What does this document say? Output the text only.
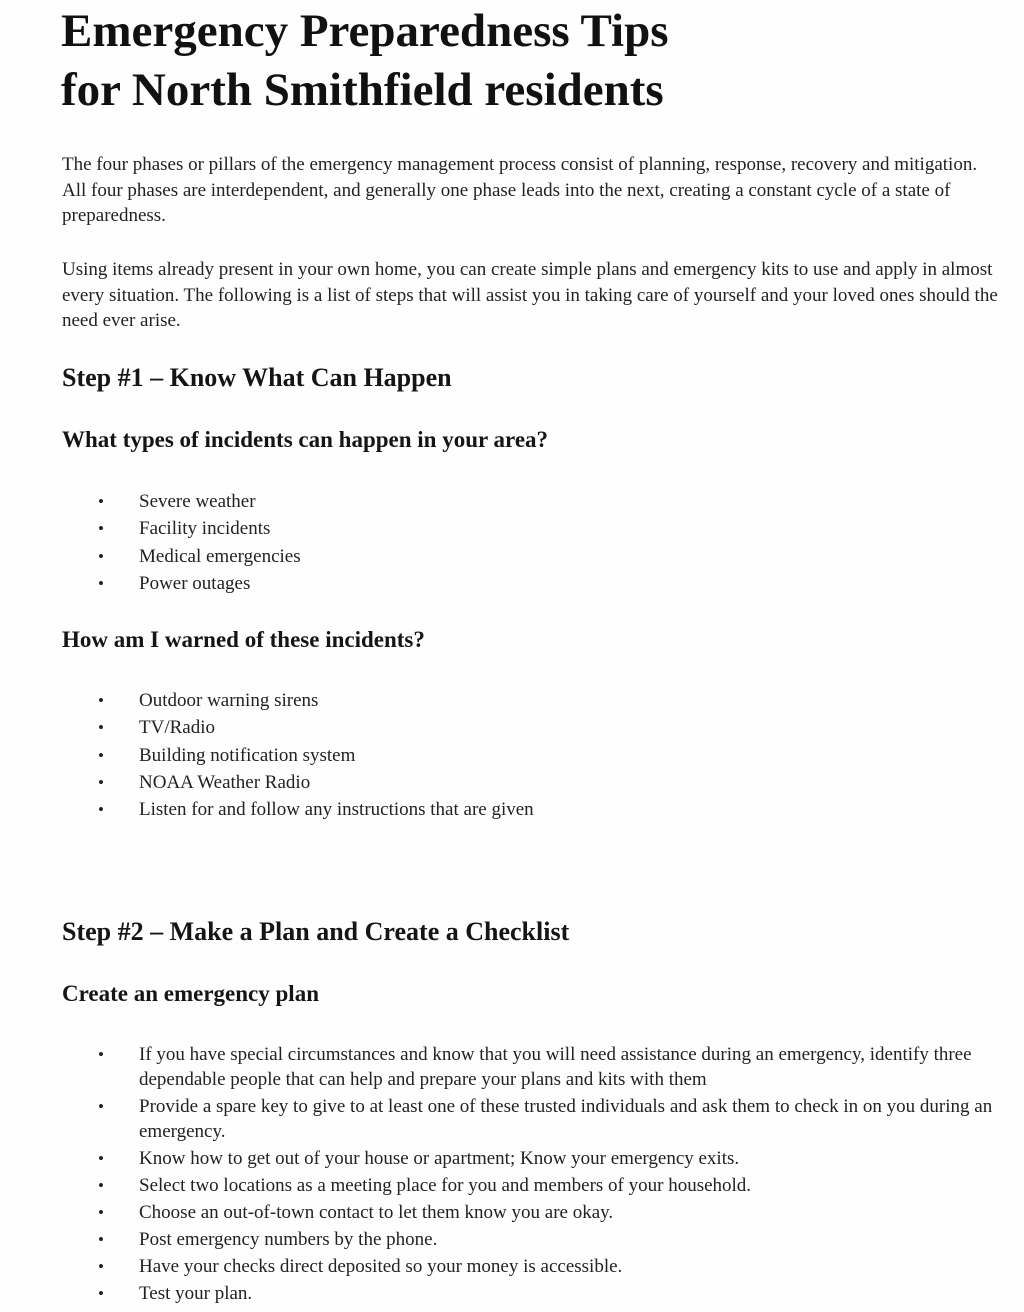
Emergency Preparedness Tips
for North Smithfield residents

The four phases or pillars of the emergency management process consist of planning, response, recovery and mitigation. All four phases are interdependent, and generally one phase leads into the next, creating a constant cycle of a state of preparedness.

Using items already present in your own home, you can create simple plans and emergency kits to use and apply in almost every situation. The following is a list of steps that will assist you in taking care of yourself and your loved ones should the need ever arise.

Step #1 – Know What Can Happen
What types of incidents can happen in your area?
• Severe weather
• Facility incidents
• Medical emergencies
• Power outages
How am I warned of these incidents?
• Outdoor warning sirens
• TV/Radio
• Building notification system
• NOAA Weather Radio
• Listen for and follow any instructions that are given
Step #2 – Make a Plan and Create a Checklist
Create an emergency plan
• If you have special circumstances and know that you will need assistance during an emergency, identify three dependable people that can help and prepare your plans and kits with them
• Provide a spare key to give to at least one of these trusted individuals and ask them to check in on you during an emergency.
• Know how to get out of your house or apartment; Know your emergency exits.
• Select two locations as a meeting place for you and members of your household.
• Choose an out-of-town contact to let them know you are okay.
• Post emergency numbers by the phone.
• Have your checks direct deposited so your money is accessible.
• Test your plan.
